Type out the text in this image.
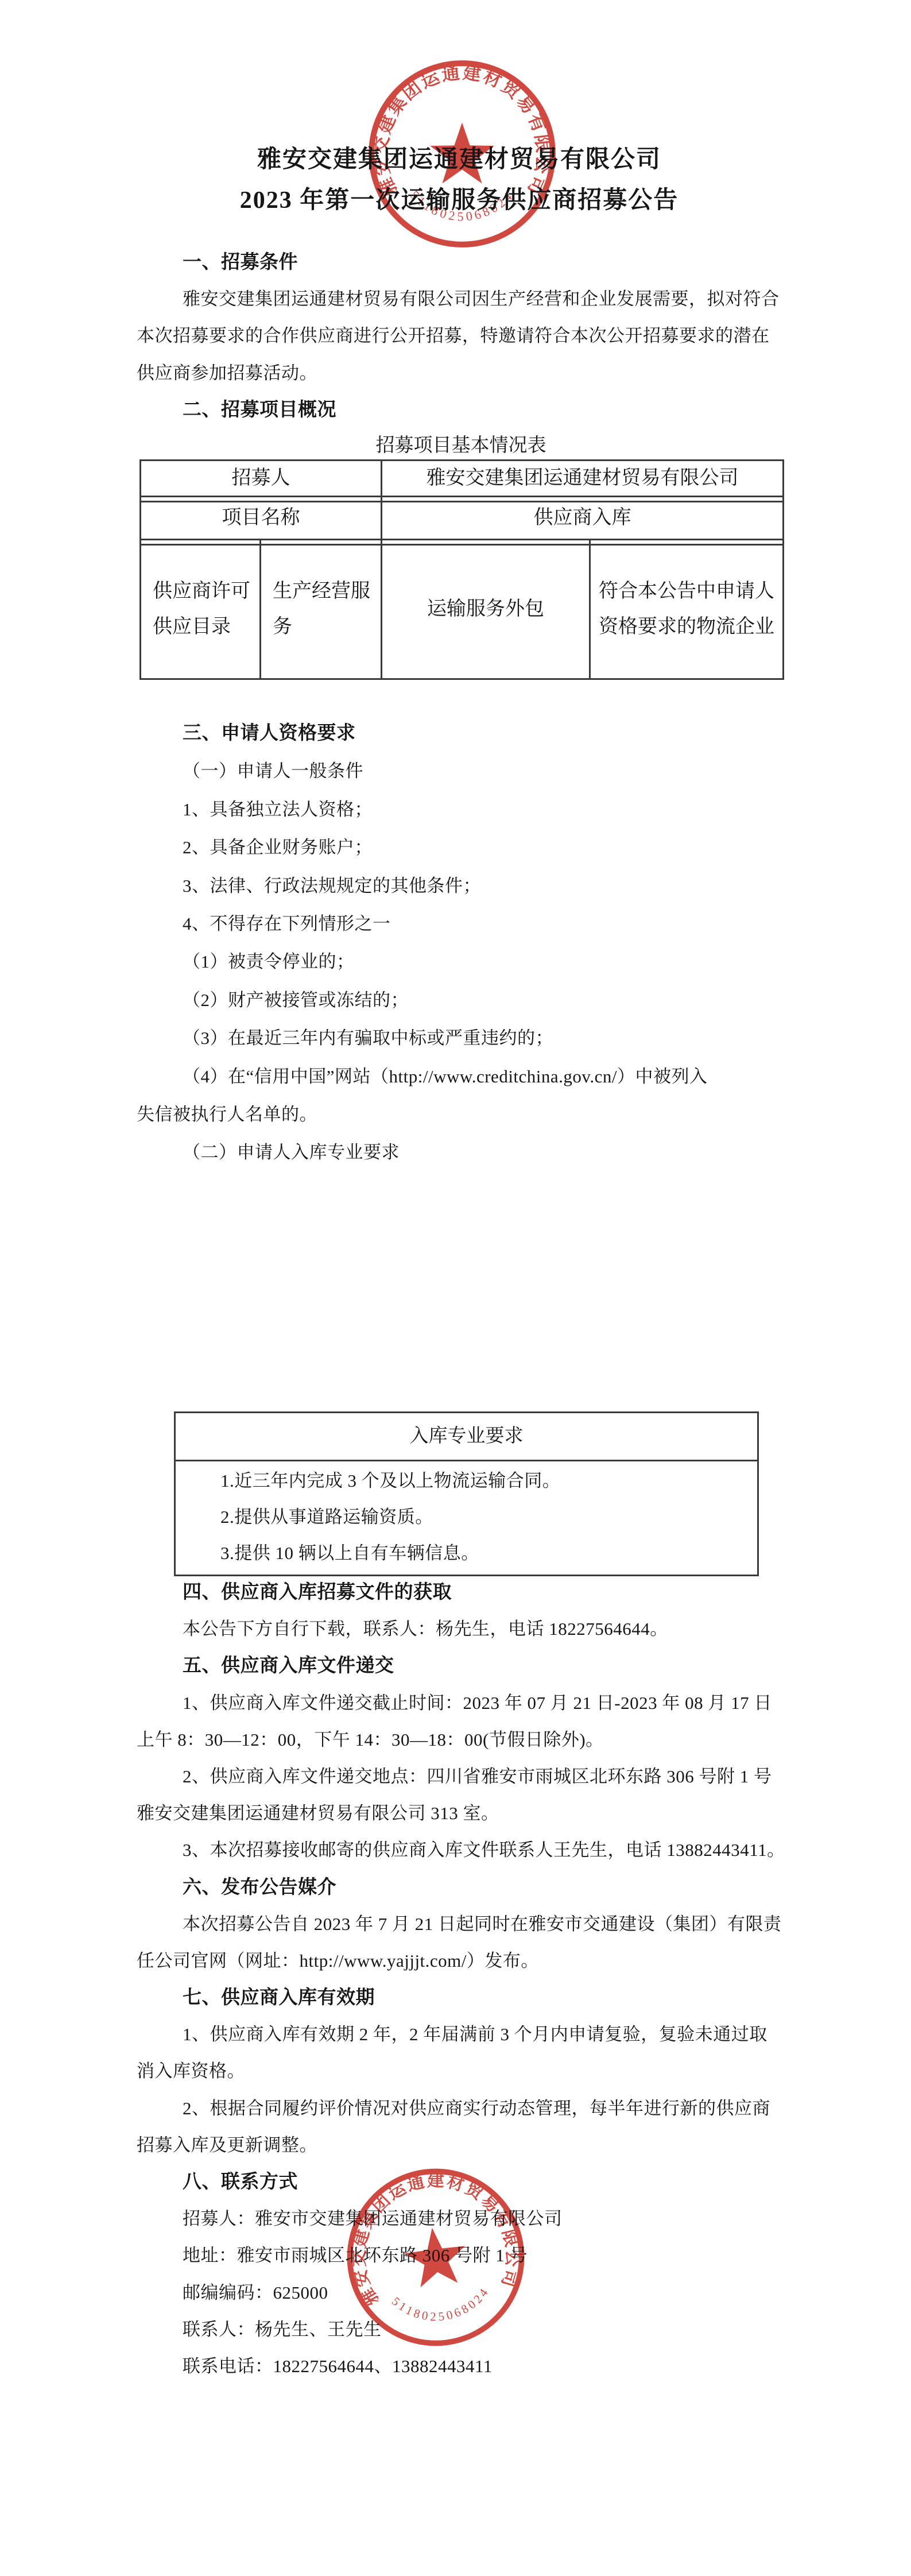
雅安交建集团运通建材贸易有限公司
2023 年第一次运输服务供应商招募公告
一、招募条件
雅安交建集团运通建材贸易有限公司因生产经营和企业发展需要，拟对符合
本次招募要求的合作供应商进行公开招募，特邀请符合本次公开招募要求的潜在
供应商参加招募活动。
二、招募项目概况
招募项目基本情况表
招募人	雅安交建集团运通建材贸易有限公司
项目名称	供应商入库
供应商许可供应目录
生产经营服务
运输服务外包
符合本公告中申请人资格要求的物流企业
三、申请人资格要求
（一）申请人一般条件
1、具备独立法人资格；
2、具备企业财务账户；
3、法律、行政法规规定的其他条件；
4、不得存在下列情形之一
（1）被责令停业的；
（2）财产被接管或冻结的；
（3）在最近三年内有骗取中标或严重违约的；
（4）在“信用中国”网站（http://www.creditchina.gov.cn/）中被列入
失信被执行人名单的。
（二）申请人入库专业要求
入库专业要求
1.近三年内完成 3 个及以上物流运输合同。
2.提供从事道路运输资质。
3.提供 10 辆以上自有车辆信息。
四、供应商入库招募文件的获取
本公告下方自行下载，联系人：杨先生，电话 18227564644。
五、供应商入库文件递交
1、供应商入库文件递交截止时间：2023 年 07 月 21 日-2023 年 08 月 17 日
上午 8：30—12：00，下午 14：30—18：00(节假日除外)。
2、供应商入库文件递交地点：四川省雅安市雨城区北环东路 306 号附 1 号
雅安交建集团运通建材贸易有限公司 313 室。
3、本次招募接收邮寄的供应商入库文件联系人王先生，电话 13882443411。
六、发布公告媒介
本次招募公告自 2023 年 7 月 21 日起同时在雅安市交通建设（集团）有限责
任公司官网（网址：http://www.yajjjt.com/）发布。
七、供应商入库有效期
1、供应商入库有效期 2 年，2 年届满前 3 个月内申请复验，复验未通过取
消入库资格。
2、根据合同履约评价情况对供应商实行动态管理，每半年进行新的供应商
招募入库及更新调整。
八、联系方式
招募人：雅安市交建集团运通建材贸易有限公司
地址：雅安市雨城区北环东路 306 号附 1 号
邮编编码：625000
联系人：杨先生、王先生
联系电话：18227564644、13882443411
